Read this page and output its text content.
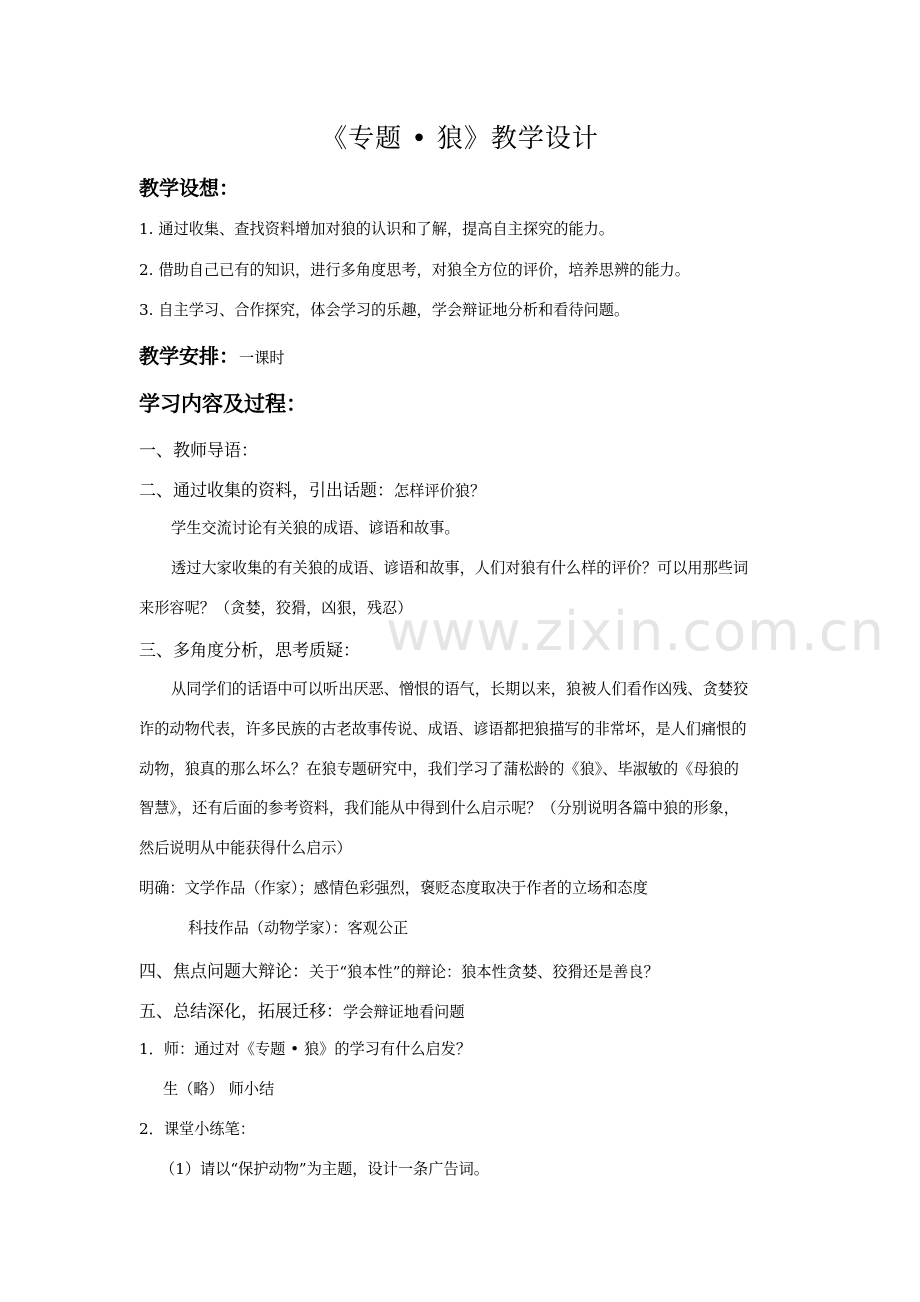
《专题 • 狼》教学设计
教学设想：
1. 通过收集、查找资料增加对狼的认识和了解，提高自主探究的能力。
2. 借助自己已有的知识，进行多角度思考，对狼全方位的评价，培养思辨的能力。
3. 自主学习、合作探究，体会学习的乐趣，学会辩证地分析和看待问题。
教学安排：一课时
学习内容及过程：
一、教师导语：
二、通过收集的资料，引出话题：怎样评价狼？
学生交流讨论有关狼的成语、谚语和故事。
透过大家收集的有关狼的成语、谚语和故事，人们对狼有什么样的评价？可以用那些词
来形容呢？（贪婪，狡猾，凶狠，残忍）
三、多角度分析，思考质疑：
从同学们的话语中可以听出厌恶、憎恨的语气，长期以来，狼被人们看作凶残、贪婪狡
诈的动物代表，许多民族的古老故事传说、成语、谚语都把狼描写的非常坏，是人们痛恨的
动物，狼真的那么坏么？在狼专题研究中，我们学习了蒲松龄的《狼》、毕淑敏的《母狼的
智慧》，还有后面的参考资料，我们能从中得到什么启示呢？（分别说明各篇中狼的形象，
然后说明从中能获得什么启示）
明确：文学作品（作家）；感情色彩强烈，褒贬态度取决于作者的立场和态度
科技作品（动物学家）：客观公正
四、焦点问题大辩论：关于“狼本性”的辩论：狼本性贪婪、狡猾还是善良？
五、总结深化，拓展迁移：学会辩证地看问题
1．师：通过对《专题 • 狼》的学习有什么启发？
生（略） 师小结
2．课堂小练笔：
（1）请以“保护动物”为主题，设计一条广告词。
www.zixin.com.cn
